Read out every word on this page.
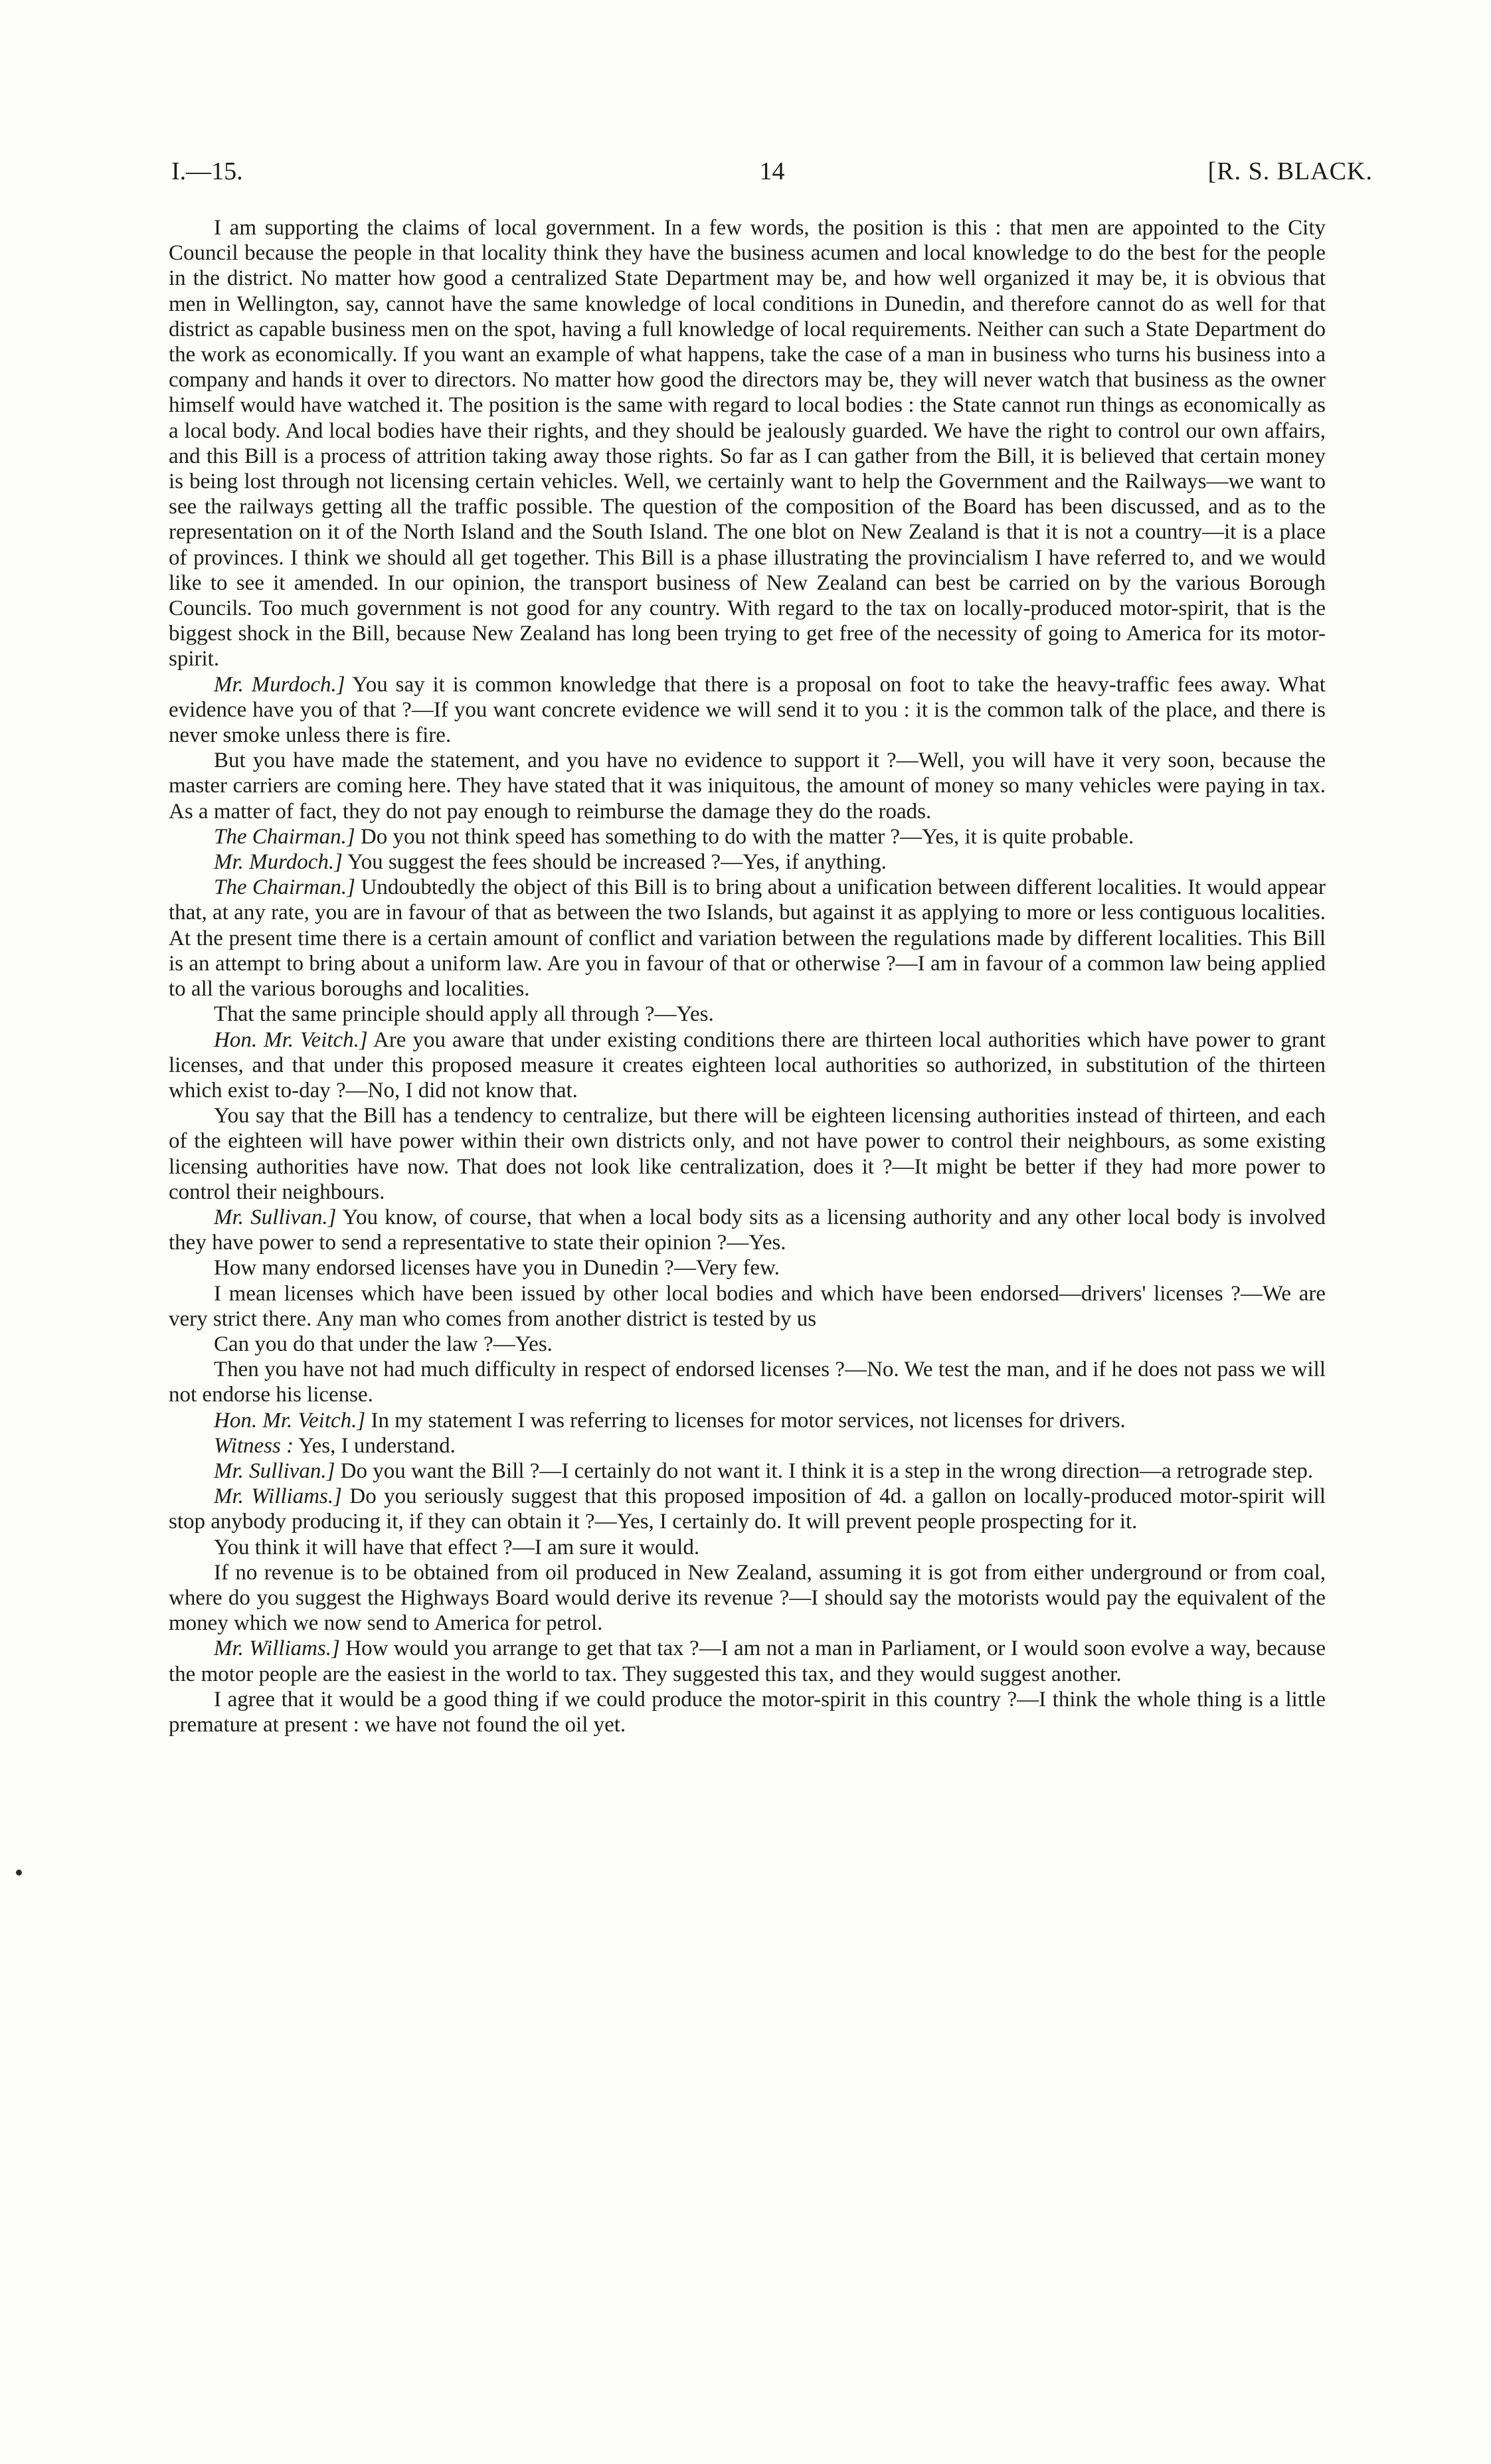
I.—15.	14	[R. S. BLACK.

I am supporting the claims of local government. In a few words, the position is this : that men are appointed to the City Council because the people in that locality think they have the business acumen and local knowledge to do the best for the people in the district. No matter how good a centralized State Department may be, and how well organized it may be, it is obvious that men in Wellington, say, cannot have the same knowledge of local conditions in Dunedin, and therefore cannot do as well for that district as capable business men on the spot, having a full knowledge of local requirements. Neither can such a State Department do the work as economically. If you want an example of what happens, take the case of a man in business who turns his business into a company and hands it over to directors. No matter how good the directors may be, they will never watch that business as the owner himself would have watched it. The position is the same with regard to local bodies : the State cannot run things as economically as a local body. And local bodies have their rights, and they should be jealously guarded. We have the right to control our own affairs, and this Bill is a process of attrition taking away those rights. So far as I can gather from the Bill, it is believed that certain money is being lost through not licensing certain vehicles. Well, we certainly want to help the Government and the Railways—we want to see the railways getting all the traffic possible. The question of the composition of the Board has been discussed, and as to the representation on it of the North Island and the South Island. The one blot on New Zealand is that it is not a country—it is a place of provinces. I think we should all get together. This Bill is a phase illustrating the provincialism I have referred to, and we would like to see it amended. In our opinion, the transport business of New Zealand can best be carried on by the various Borough Councils. Too much government is not good for any country. With regard to the tax on locally-produced motor-spirit, that is the biggest shock in the Bill, because New Zealand has long been trying to get free of the necessity of going to America for its motor-spirit.

Mr. Murdoch.] You say it is common knowledge that there is a proposal on foot to take the heavy-traffic fees away. What evidence have you of that ?—If you want concrete evidence we will send it to you : it is the common talk of the place, and there is never smoke unless there is fire.

But you have made the statement, and you have no evidence to support it ?—Well, you will have it very soon, because the master carriers are coming here. They have stated that it was iniquitous, the amount of money so many vehicles were paying in tax. As a matter of fact, they do not pay enough to reimburse the damage they do the roads.

The Chairman.] Do you not think speed has something to do with the matter ?—Yes, it is quite probable.

Mr. Murdoch.] You suggest the fees should be increased ?—Yes, if anything.

The Chairman.] Undoubtedly the object of this Bill is to bring about a unification between different localities. It would appear that, at any rate, you are in favour of that as between the two Islands, but against it as applying to more or less contiguous localities. At the present time there is a certain amount of conflict and variation between the regulations made by different localities. This Bill is an attempt to bring about a uniform law. Are you in favour of that or otherwise ?—I am in favour of a common law being applied to all the various boroughs and localities.

That the same principle should apply all through ?—Yes.

Hon. Mr. Veitch.] Are you aware that under existing conditions there are thirteen local authorities which have power to grant licenses, and that under this proposed measure it creates eighteen local authorities so authorized, in substitution of the thirteen which exist to-day ?—No, I did not know that.

You say that the Bill has a tendency to centralize, but there will be eighteen licensing authorities instead of thirteen, and each of the eighteen will have power within their own districts only, and not have power to control their neighbours, as some existing licensing authorities have now. That does not look like centralization, does it ?—It might be better if they had more power to control their neighbours.

Mr. Sullivan.] You know, of course, that when a local body sits as a licensing authority and any other local body is involved they have power to send a representative to state their opinion ?—Yes.

How many endorsed licenses have you in Dunedin ?—Very few.

I mean licenses which have been issued by other local bodies and which have been endorsed—drivers' licenses ?—We are very strict there. Any man who comes from another district is tested by us

Can you do that under the law ?—Yes.

Then you have not had much difficulty in respect of endorsed licenses ?—No. We test the man, and if he does not pass we will not endorse his license.

Hon. Mr. Veitch.] In my statement I was referring to licenses for motor services, not licenses for drivers.

Witness : Yes, I understand.

Mr. Sullivan.] Do you want the Bill ?—I certainly do not want it. I think it is a step in the wrong direction—a retrograde step.

Mr. Williams.] Do you seriously suggest that this proposed imposition of 4d. a gallon on locally-produced motor-spirit will stop anybody producing it, if they can obtain it ?—Yes, I certainly do. It will prevent people prospecting for it.

You think it will have that effect ?—I am sure it would.

If no revenue is to be obtained from oil produced in New Zealand, assuming it is got from either underground or from coal, where do you suggest the Highways Board would derive its revenue ?—I should say the motorists would pay the equivalent of the money which we now send to America for petrol.

Mr. Williams.] How would you arrange to get that tax ?—I am not a man in Parliament, or I would soon evolve a way, because the motor people are the easiest in the world to tax. They suggested this tax, and they would suggest another.

I agree that it would be a good thing if we could produce the motor-spirit in this country ?—I think the whole thing is a little premature at present : we have not found the oil yet.
